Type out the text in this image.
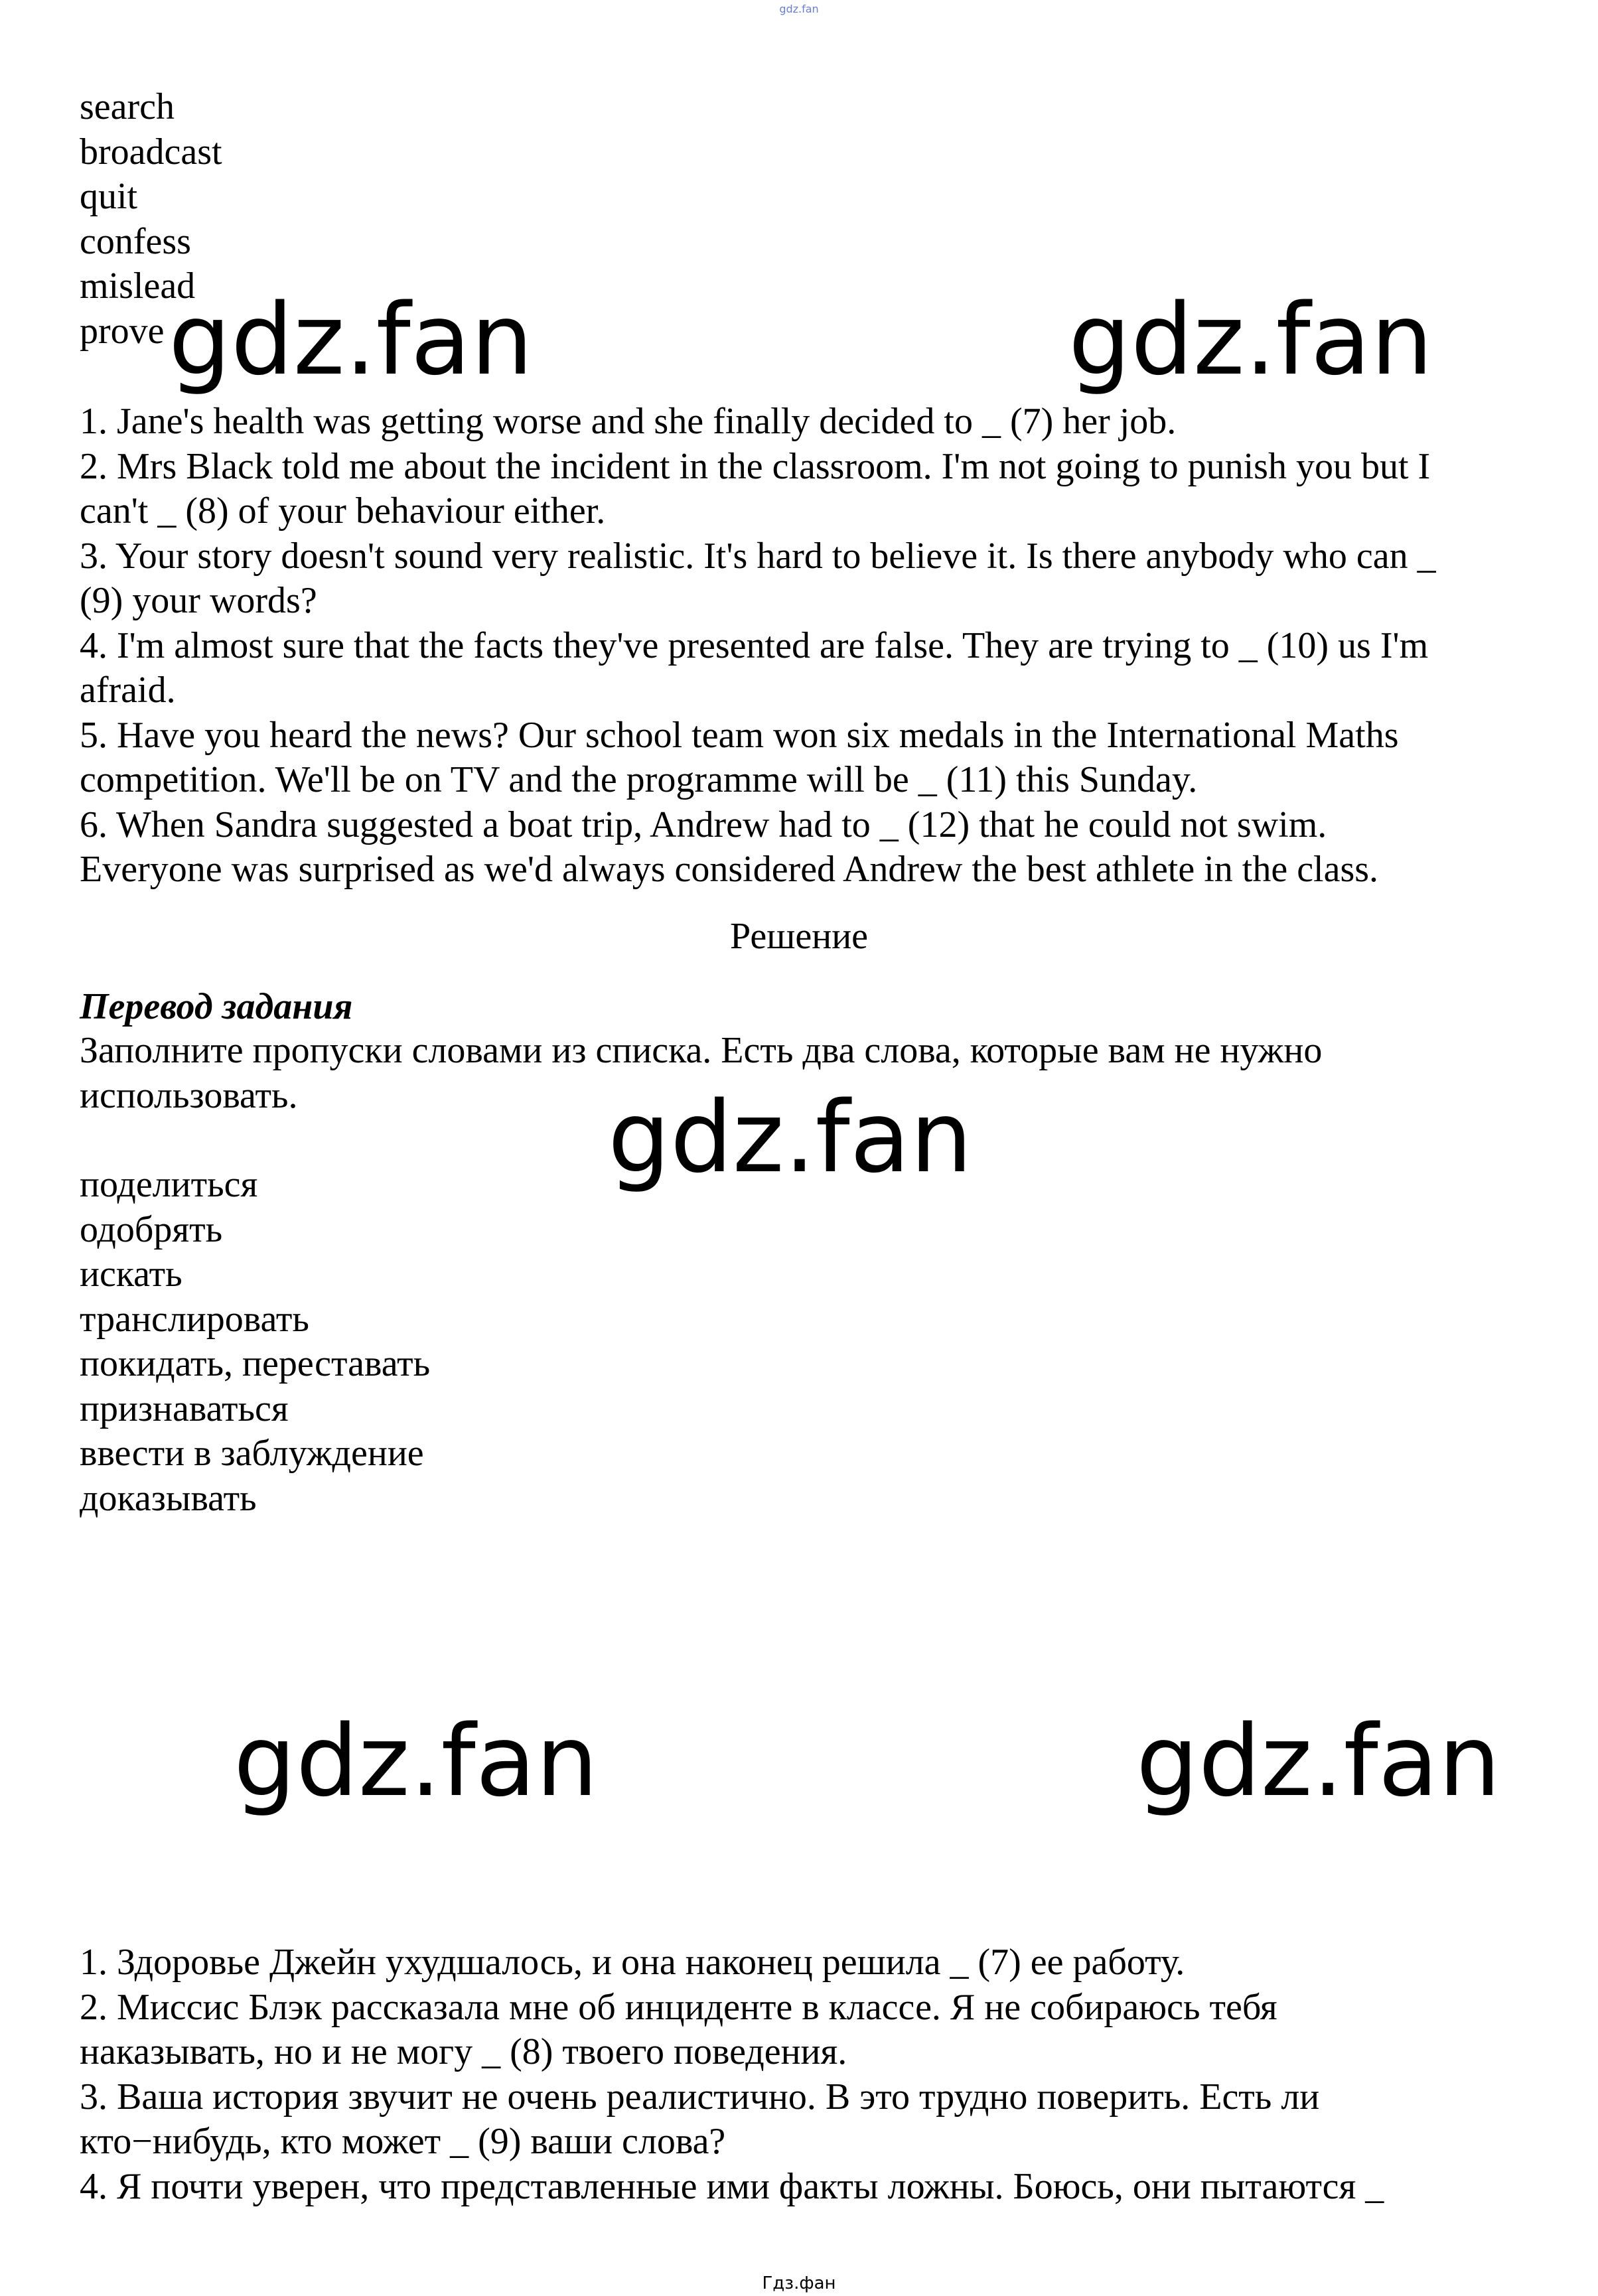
gdz.fan
search
broadcast
quit
confess
mislead
prove
1. Jane's health was getting worse and she finally decided to _ (7) her job.
2. Mrs Black told me about the incident in the classroom. I'm not going to punish you but I
can't _ (8) of your behaviour either.
3. Your story doesn't sound very realistic. It's hard to believe it. Is there anybody who can _
(9) your words?
4. I'm almost sure that the facts they've presented are false. They are trying to _ (10) us I'm
afraid.
5. Have you heard the news? Our school team won six medals in the International Maths
competition. We'll be on TV and the programme will be _ (11) this Sunday.
6. When Sandra suggested a boat trip, Andrew had to _ (12) that he could not swim.
Everyone was surprised as we'd always considered Andrew the best athlete in the class.
Решение
Перевод задания
Заполните пропуски словами из списка. Есть два слова, которые вам не нужно
использовать.
поделиться
одобрять
искать
транслировать
покидать, переставать
признаваться
ввести в заблуждение
доказывать
1. Здоровье Джейн ухудшалось, и она наконец решила _ (7) ее работу.
2. Миссис Блэк рассказала мне об инциденте в классе. Я не собираюсь тебя
наказывать, но и не могу _ (8) твоего поведения.
3. Ваша история звучит не очень реалистично. В это трудно поверить. Есть ли
кто−нибудь, кто может _ (9) ваши слова?
4. Я почти уверен, что представленные ими факты ложны. Боюсь, они пытаются _
gdz.fan	gdz.fan
gdz.fan
gdz.fan	gdz.fan
Гдз.фан
